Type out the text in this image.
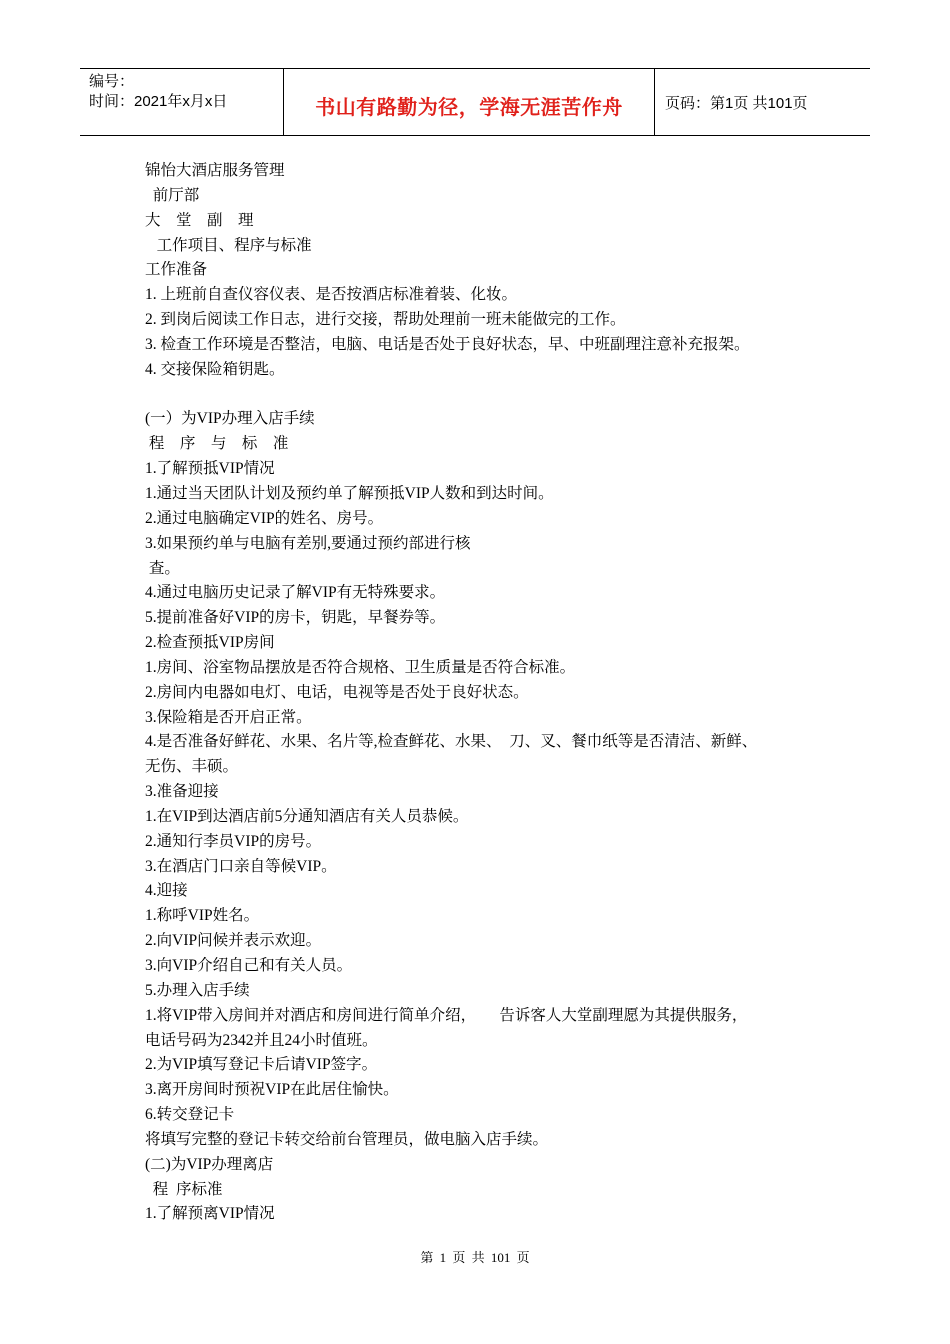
编号：
时间：2021年x月x日	书山有路勤为径，学海无涯苦作舟	页码：第1页 共101页
锦怡大酒店服务管理
前厅部
大    堂    副    理
工作项目、程序与标准
工作准备
1. 上班前自查仪容仪表、是否按酒店标准着装、化妆。
2. 到岗后阅读工作日志，进行交接，帮助处理前一班未能做完的工作。
3. 检查工作环境是否整洁，电脑、电话是否处于良好状态，早、中班副理注意补充报架。
4. 交接保险箱钥匙。
(一）为VIP办理入店手续
程    序    与    标    准
1.了解预抵VIP情况
1.通过当天团队计划及预约单了解预抵VIP人数和到达时间。
2.通过电脑确定VIP的姓名、房号。
3.如果预约单与电脑有差别,要通过预约部进行核
查。
4.通过电脑历史记录了解VIP有无特殊要求。
5.提前准备好VIP的房卡，钥匙，早餐券等。
2.检查预抵VIP房间
1.房间、浴室物品摆放是否符合规格、卫生质量是否符合标准。
2.房间内电器如电灯、电话，电视等是否处于良好状态。
3.保险箱是否开启正常。
4.是否准备好鲜花、水果、名片等,检查鲜花、水果、  刀、叉、餐巾纸等是否清洁、新鲜、
无伤、丰硕。
3.准备迎接
1.在VIP到达酒店前5分通知酒店有关人员恭候。
2.通知行李员VIP的房号。
3.在酒店门口亲自等候VIP。
4.迎接
1.称呼VIP姓名。
2.向VIP问候并表示欢迎。
3.向VIP介绍自己和有关人员。
5.办理入店手续
1.将VIP带入房间并对酒店和房间进行简单介绍，      告诉客人大堂副理愿为其提供服务，
电话号码为2342并且24小时值班。
2.为VIP填写登记卡后请VIP签字。
3.离开房间时预祝VIP在此居住愉快。
6.转交登记卡
将填写完整的登记卡转交给前台管理员，做电脑入店手续。
(二)为VIP办理离店
程  序标准
1.了解预离VIP情况
第 1 页 共 101 页
